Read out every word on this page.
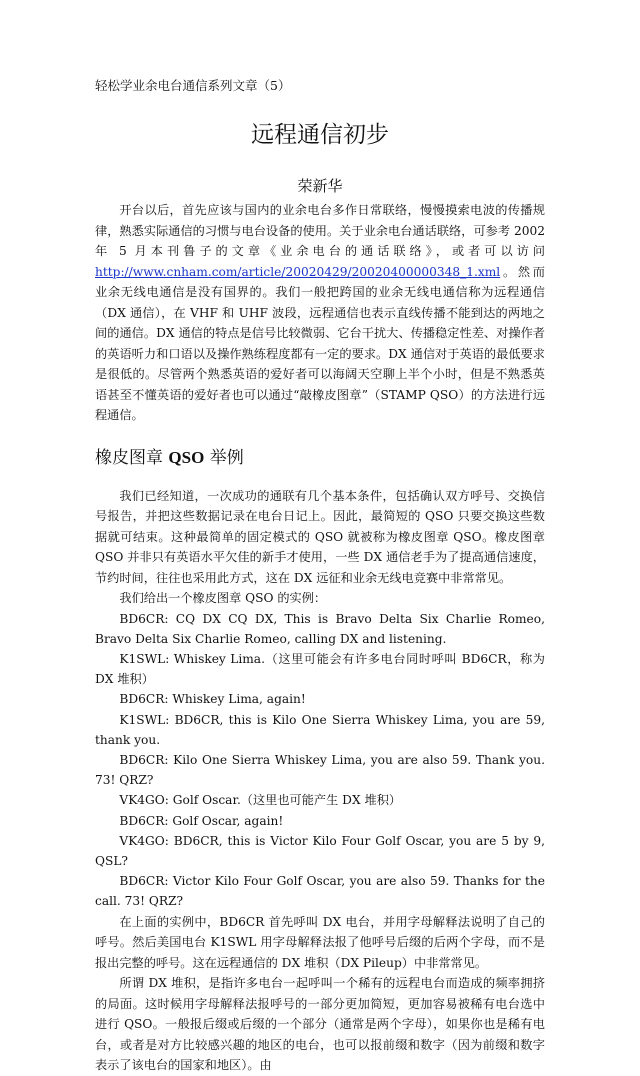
轻松学业余电台通信系列文章（5）
远程通信初步
荣新华

开台以后，首先应该与国内的业余电台多作日常联络，慢慢摸索电波的传播规律，熟悉实际通信的习惯与电台设备的使用。关于业余电台通话联络，可参考 2002 年 5 月本刊鲁子的文章《业余电台的通话联络》，或者可以访问http://www.cnham.com/article/20020429/20020400000348_1.xml。然而业余无线电通信是没有国界的。我们一般把跨国的业余无线电通信称为远程通信（DX 通信），在 VHF 和 UHF 波段，远程通信也表示直线传播不能到达的两地之间的通信。DX 通信的特点是信号比较微弱、它台干扰大、传播稳定性差、对操作者的英语听力和口语以及操作熟练程度都有一定的要求。DX 通信对于英语的最低要求是很低的。尽管两个熟悉英语的爱好者可以海阔天空聊上半个小时，但是不熟悉英语甚至不懂英语的爱好者也可以通过“敲橡皮图章”（STAMP QSO）的方法进行远程通信。

橡皮图章 QSO 举例

我们已经知道，一次成功的通联有几个基本条件，包括确认双方呼号、交换信号报告，并把这些数据记录在电台日记上。因此，最简短的 QSO 只要交换这些数据就可结束。这种最简单的固定模式的 QSO 就被称为橡皮图章 QSO。橡皮图章 QSO 并非只有英语水平欠佳的新手才使用，一些 DX 通信老手为了提高通信速度，节约时间，往往也采用此方式，这在 DX 远征和业余无线电竞赛中非常常见。

我们给出一个橡皮图章 QSO 的实例：

BD6CR: CQ DX CQ DX, This is Bravo Delta Six Charlie Romeo, Bravo Delta Six Charlie Romeo, calling DX and listening.

K1SWL: Whiskey Lima.（这里可能会有许多电台同时呼叫 BD6CR，称为 DX 堆积）

BD6CR: Whiskey Lima, again!

K1SWL: BD6CR, this is Kilo One Sierra Whiskey Lima, you are 59, thank you.

BD6CR: Kilo One Sierra Whiskey Lima, you are also 59. Thank you. 73! QRZ?

VK4GO: Golf Oscar.（这里也可能产生 DX 堆积）

BD6CR: Golf Oscar, again!

VK4GO: BD6CR, this is Victor Kilo Four Golf Oscar, you are 5 by 9, QSL?

BD6CR: Victor Kilo Four Golf Oscar, you are also 59. Thanks for the call. 73! QRZ?

在上面的实例中，BD6CR 首先呼叫 DX 电台，并用字母解释法说明了自己的呼号。然后美国电台 K1SWL 用字母解释法报了他呼号后缀的后两个字母，而不是报出完整的呼号。这在远程通信的 DX 堆积（DX Pileup）中非常常见。

所谓 DX 堆积，是指许多电台一起呼叫一个稀有的远程电台而造成的频率拥挤的局面。这时候用字母解释法报呼号的一部分更加简短，更加容易被稀有电台选中进行 QSO。一般报后缀或后缀的一个部分（通常是两个字母），如果你也是稀有电台，或者是对方比较感兴趣的地区的电台，也可以报前缀和数字（因为前缀和数字表示了该电台的国家和地区）。由
